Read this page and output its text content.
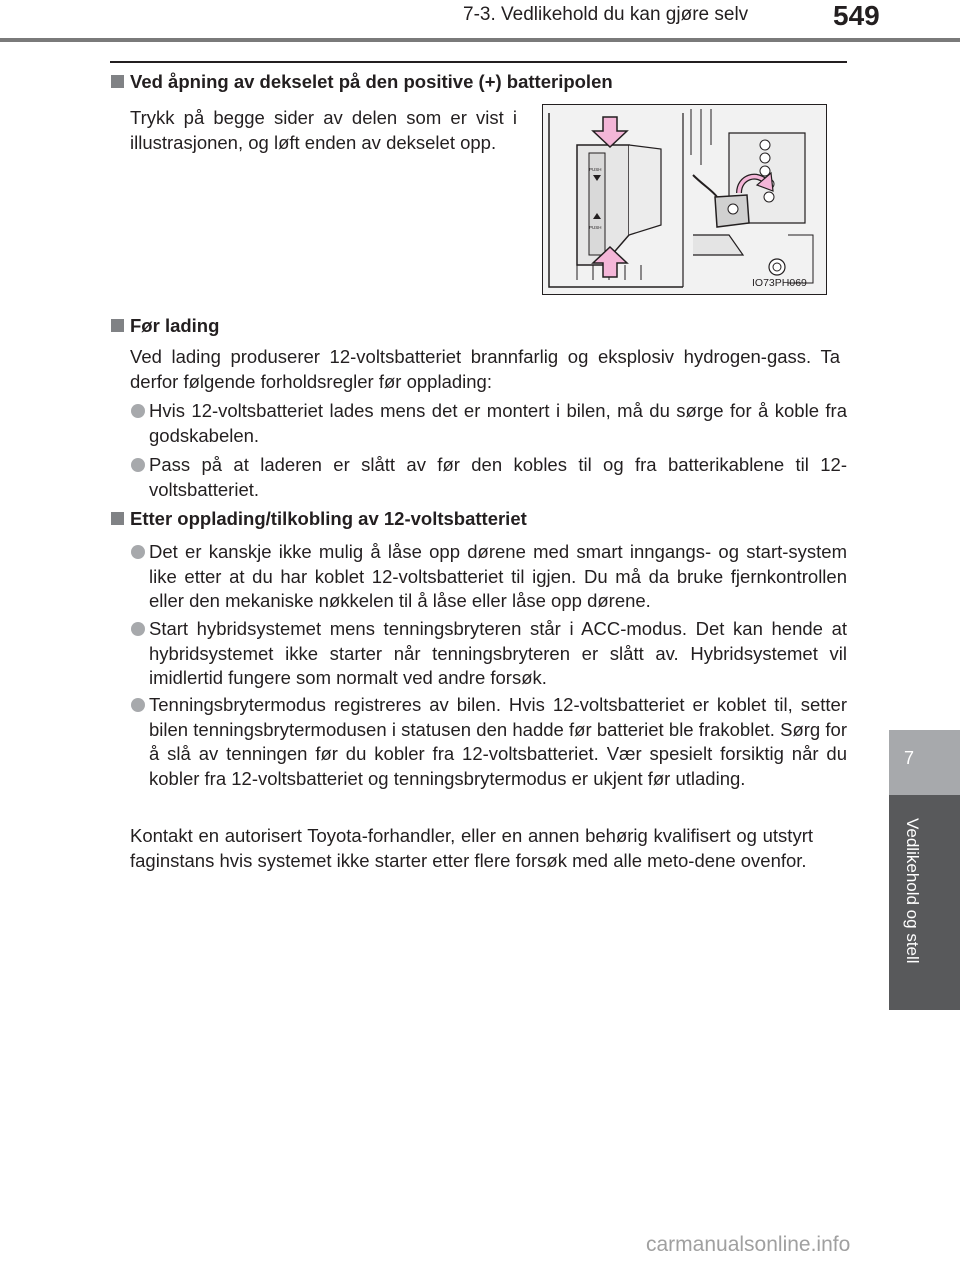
7-3. Vedlikehold du kan gjøre selv	549
7
Vedlikehold og stell
Ved åpning av dekselet på den positive (+) batteripolen
Trykk på begge sider av delen som er vist i illustrasjonen, og løft enden av dekselet opp.
PUSH
PUSH
IO73PH069
Før lading
Ved lading produserer 12-voltsbatteriet brannfarlig og eksplosiv hydrogen-gass. Ta derfor følgende forholdsregler før opplading:
Hvis 12-voltsbatteriet lades mens det er montert i bilen, må du sørge for å koble fra godskabelen.
Pass på at laderen er slått av før den kobles til og fra batterikablene til 12-voltsbatteriet.
Etter opplading/tilkobling av 12-voltsbatteriet
Det er kanskje ikke mulig å låse opp dørene med smart inngangs- og start-system like etter at du har koblet 12-voltsbatteriet til igjen. Du må da bruke fjernkontrollen eller den mekaniske nøkkelen til å låse eller låse opp dørene.
Start hybridsystemet mens tenningsbryteren står i ACC-modus. Det kan hende at hybridsystemet ikke starter når tenningsbryteren er slått av. Hybridsystemet vil imidlertid fungere som normalt ved andre forsøk.
Tenningsbrytermodus registreres av bilen. Hvis 12-voltsbatteriet er koblet til, setter bilen tenningsbrytermodusen i statusen den hadde før batteriet ble frakoblet. Sørg for å slå av tenningen før du kobler fra 12-voltsbatteriet. Vær spesielt forsiktig når du kobler fra 12-voltsbatteriet og tenningsbrytermodus er ukjent før utlading.
Kontakt en autorisert Toyota-forhandler, eller en annen behørig kvalifisert og utstyrt faginstans hvis systemet ikke starter etter flere forsøk med alle meto-dene ovenfor.
carmanualsonline.info
